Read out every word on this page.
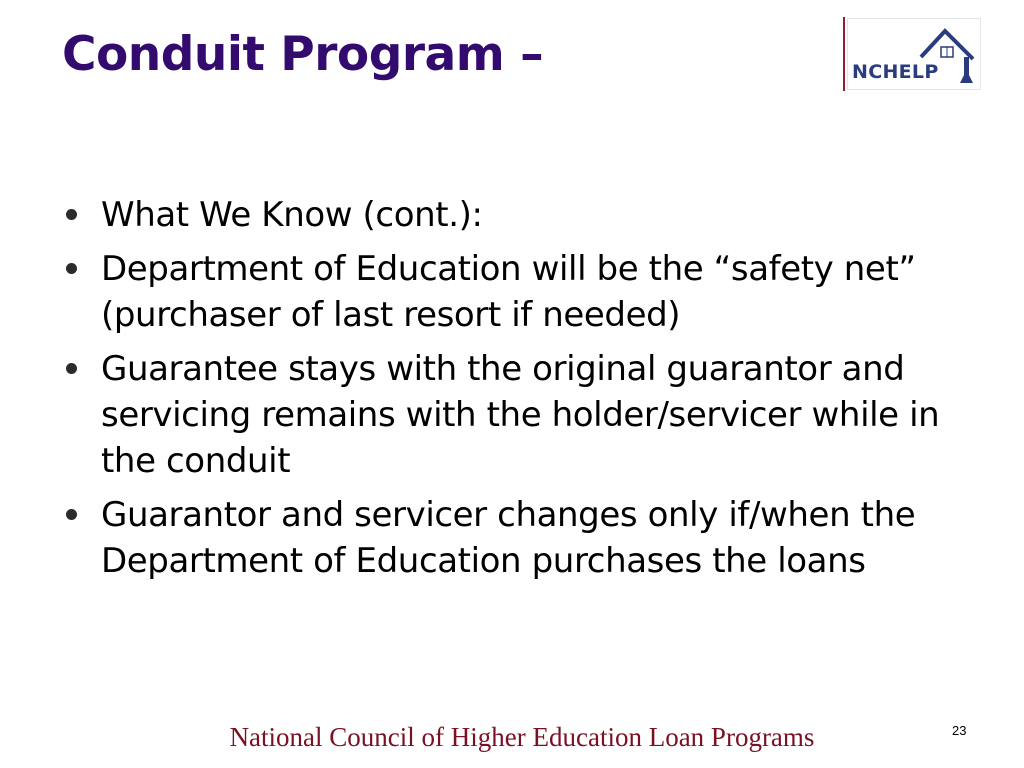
Conduit Program –	NCHELP
What We Know (cont.):
Department of Education will be the “safety net” (purchaser of last resort if needed)
Guarantee stays with the original guarantor and servicing remains with the holder/servicer while in the conduit
Guarantor and servicer changes only if/when the Department of Education purchases the loans
National Council of Higher Education Loan Programs	23
